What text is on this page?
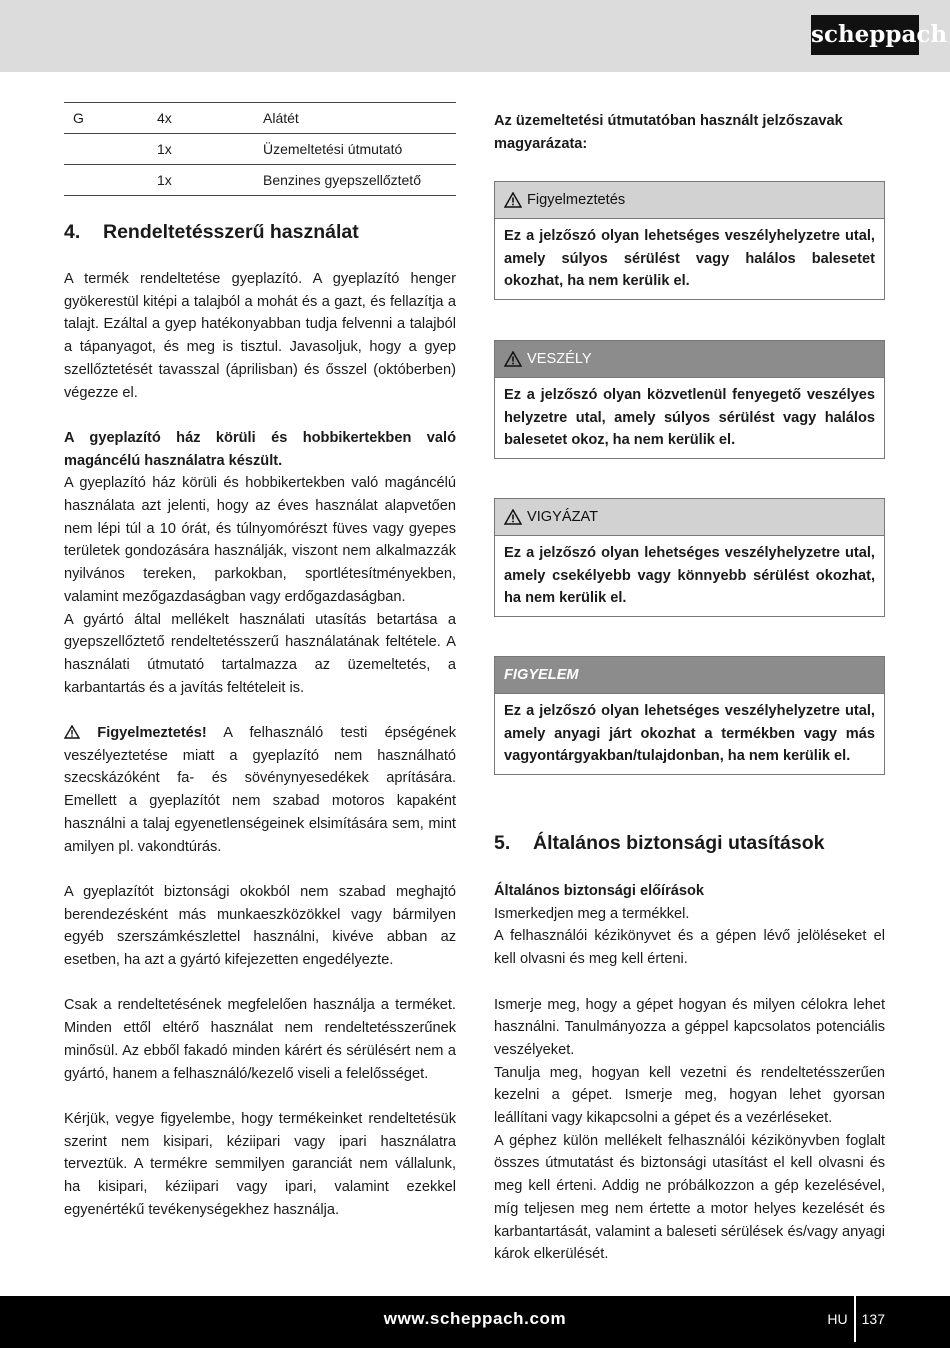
scheppach
G	4x	Alátét
	1x	Üzemeltetési útmutató
	1x	Benzines gyepszellőztető
4. Rendeltetésszerű használat

A termék rendeltetése gyeplazító. A gyeplazító henger gyökerestül kitépi a talajból a mohát és a gazt, és fellazítja a talajt. Ezáltal a gyep hatékonyabban tudja felvenni a talajból a tápanyagot, és meg is tisztul. Javasoljuk, hogy a gyep szellőztetését tavasszal (áprilisban) és ősszel (októberben) végezze el.

A gyeplazító ház körüli és hobbikertekben való magáncélú használatra készült.

A gyeplazító ház körüli és hobbikertekben való magáncélú használata azt jelenti, hogy az éves használat alapvetően nem lépi túl a 10 órát, és túlnyomórészt füves vagy gyepes területek gondozására használják, viszont nem alkalmazzák nyilvános tereken, parkokban, sportlétesítményekben, valamint mezőgazdaságban vagy erdőgazdaságban.

A gyártó által mellékelt használati utasítás betartása a gyepszellőztető rendeltetésszerű használatának feltétele. A használati útmutató tartalmazza az üzemeltetés, a karbantartás és a javítás feltételeit is.

Figyelmeztetés! A felhasználó testi épségének veszélyeztetése miatt a gyeplazító nem használható szecskázóként fa- és sövénynyesedékek aprítására. Emellett a gyeplazítót nem szabad motoros kapaként használni a talaj egyenetlenségeinek elsimítására sem, mint amilyen pl. vakondtúrás.

A gyeplazítót biztonsági okokból nem szabad meghajtó berendezésként más munkaeszközökkel vagy bármilyen egyéb szerszámkészlettel használni, kivéve abban az esetben, ha azt a gyártó kifejezetten engedélyezte.

Csak a rendeltetésének megfelelően használja a terméket. Minden ettől eltérő használat nem rendeltetésszerűnek minősül. Az ebből fakadó minden kárért és sérülésért nem a gyártó, hanem a felhasználó/kezelő viseli a felelősséget.

Kérjük, vegye figyelembe, hogy termékeinket rendeltetésük szerint nem kisipari, kéziipari vagy ipari használatra terveztük. A termékre semmilyen garanciát nem vállalunk, ha kisipari, kéziipari vagy ipari, valamint ezekkel egyenértékű tevékenységekhez használja.

Az üzemeltetési útmutatóban használt jelzőszavak magyarázata:
Figyelmeztetés
Ez a jelzőszó olyan lehetséges veszélyhelyzetre utal, amely súlyos sérülést vagy halálos balesetet okozhat, ha nem kerülik el.
VESZÉLY
Ez a jelzőszó olyan közvetlenül fenyegető veszélyes helyzetre utal, amely súlyos sérülést vagy halálos balesetet okoz, ha nem kerülik el.
VIGYÁZAT
Ez a jelzőszó olyan lehetséges veszélyhelyzetre utal, amely csekélyebb vagy könnyebb sérülést okozhat, ha nem kerülik el.
FIGYELEM
Ez a jelzőszó olyan lehetséges veszélyhelyzetre utal, amely anyagi járt okozhat a termékben vagy más vagyontárgyakban/tulajdonban, ha nem kerülik el.
5. Általános biztonsági utasítások

Általános biztonsági előírások

Ismerkedjen meg a termékkel.

A felhasználói kézikönyvet és a gépen lévő jelöléseket el kell olvasni és meg kell érteni.

Ismerje meg, hogy a gépet hogyan és milyen célokra lehet használni. Tanulmányozza a géppel kapcsolatos potenciális veszélyeket.

Tanulja meg, hogyan kell vezetni és rendeltetésszerűen kezelni a gépet. Ismerje meg, hogyan lehet gyorsan leállítani vagy kikapcsolni a gépet és a vezérléseket.

A géphez külön mellékelt felhasználói kézikönyvben foglalt összes útmutatást és biztonsági utasítást el kell olvasni és meg kell érteni. Addig ne próbálkozzon a gép kezelésével, míg teljesen meg nem értette a motor helyes kezelését és karbantartását, valamint a baleseti sérülések és/vagy anyagi károk elkerülését.

www.scheppach.com	HU 137
